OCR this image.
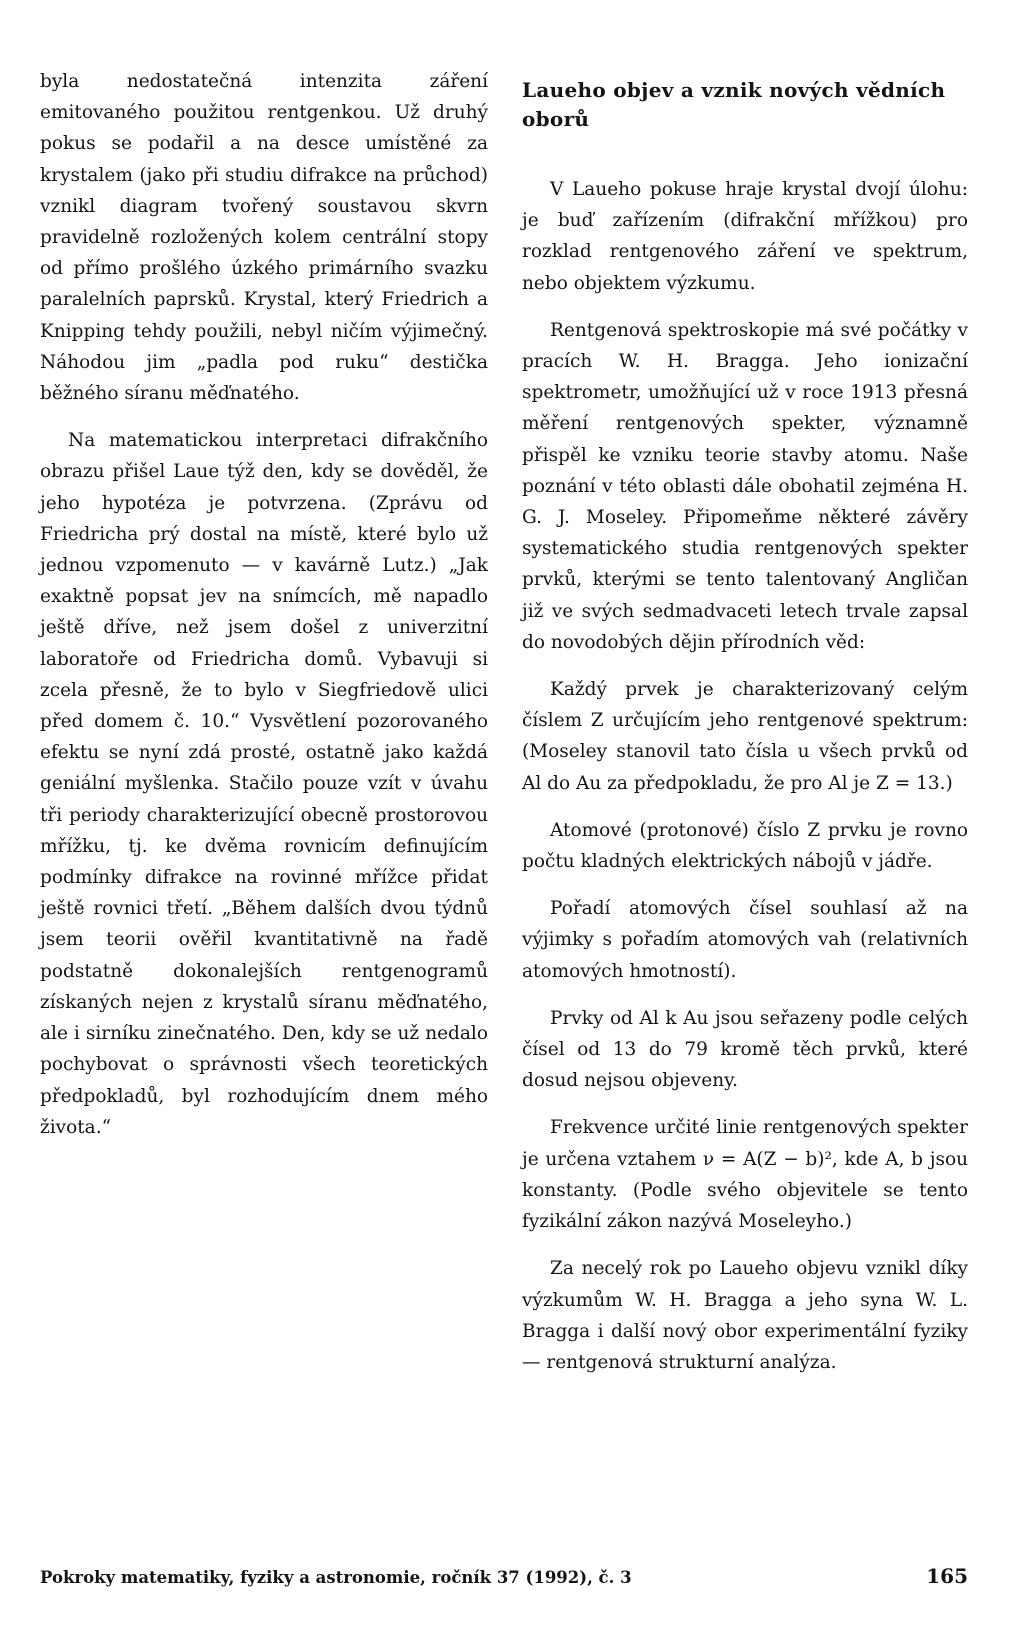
byla nedostatečná intenzita záření emitovaného použitou rentgenkou. Už druhý pokus se podařil a na desce umístěné za krystalem (jako při studiu difrakce na průchod) vznikl diagram tvořený soustavou skvrn pravidelně rozložených kolem centrální stopy od přímo prošlého úzkého primárního svazku paralelních paprsků. Krystal, který Friedrich a Knipping tehdy použili, nebyl ničím výjimečný. Náhodou jim „padla pod ruku“ destička běžného síranu měďnatého.

Na matematickou interpretaci difrakčního obrazu přišel Laue týž den, kdy se dověděl, že jeho hypotéza je potvrzena. (Zprávu od Friedricha prý dostal na místě, které bylo už jednou vzpomenuto — v kavárně Lutz.) „Jak exaktně popsat jev na snímcích, mě napadlo ještě dříve, než jsem došel z univerzitní laboratoře od Friedricha domů. Vybavuji si zcela přesně, že to bylo v Siegfriedově ulici před domem č. 10.“ Vysvětlení pozorovaného efektu se nyní zdá prosté, ostatně jako každá geniální myšlenka. Stačilo pouze vzít v úvahu tři periody charakterizující obecně prostorovou mřížku, tj. ke dvěma rovnicím definujícím podmínky difrakce na rovinné mřížce přidat ještě rovnici třetí. „Během dalších dvou týdnů jsem teorii ověřil kvantitativně na řadě podstatně dokonalejších rentgenogramů získaných nejen z krystalů síranu měďnatého, ale i sirníku zinečnatého. Den, kdy se už nedalo pochybovat o správnosti všech teoretických předpokladů, byl rozhodujícím dnem mého života.“

Laueho objev a vznik nových vědních oborů

V Laueho pokuse hraje krystal dvojí úlohu: je buď zařízením (difrakční mřížkou) pro rozklad rentgenového záření ve spektrum, nebo objektem výzkumu.

Rentgenová spektroskopie má své počátky v pracích W. H. Bragga. Jeho ionizační spektrometr, umožňující už v roce 1913 přesná měření rentgenových spekter, významně přispěl ke vzniku teorie stavby atomu. Naše poznání v této oblasti dále obohatil zejména H. G. J. Moseley. Připomeňme některé závěry systematického studia rentgenových spekter prvků, kterými se tento talentovaný Angličan již ve svých sedmadvaceti letech trvale zapsal do novodobých dějin přírodních věd:

Každý prvek je charakterizovaný celým číslem Z určujícím jeho rentgenové spektrum: (Moseley stanovil tato čísla u všech prvků od Al do Au za předpokladu, že pro Al je Z = 13.)

Atomové (protonové) číslo Z prvku je rovno počtu kladných elektrických nábojů v jádře.

Pořadí atomových čísel souhlasí až na výjimky s pořadím atomových vah (relativních atomových hmotností).

Prvky od Al k Au jsou seřazeny podle celých čísel od 13 do 79 kromě těch prvků, které dosud nejsou objeveny.

Frekvence určité linie rentgenových spekter je určena vztahem ν = A(Z − b)², kde A, b jsou konstanty. (Podle svého objevitele se tento fyzikální zákon nazývá Moseleyho.)

Za necelý rok po Laueho objevu vznikl díky výzkumům W. H. Bragga a jeho syna W. L. Bragga i další nový obor experimentální fyziky — rentgenová strukturní analýza.

Pokroky matematiky, fyziky a astronomie, ročník 37 (1992), č. 3	165
